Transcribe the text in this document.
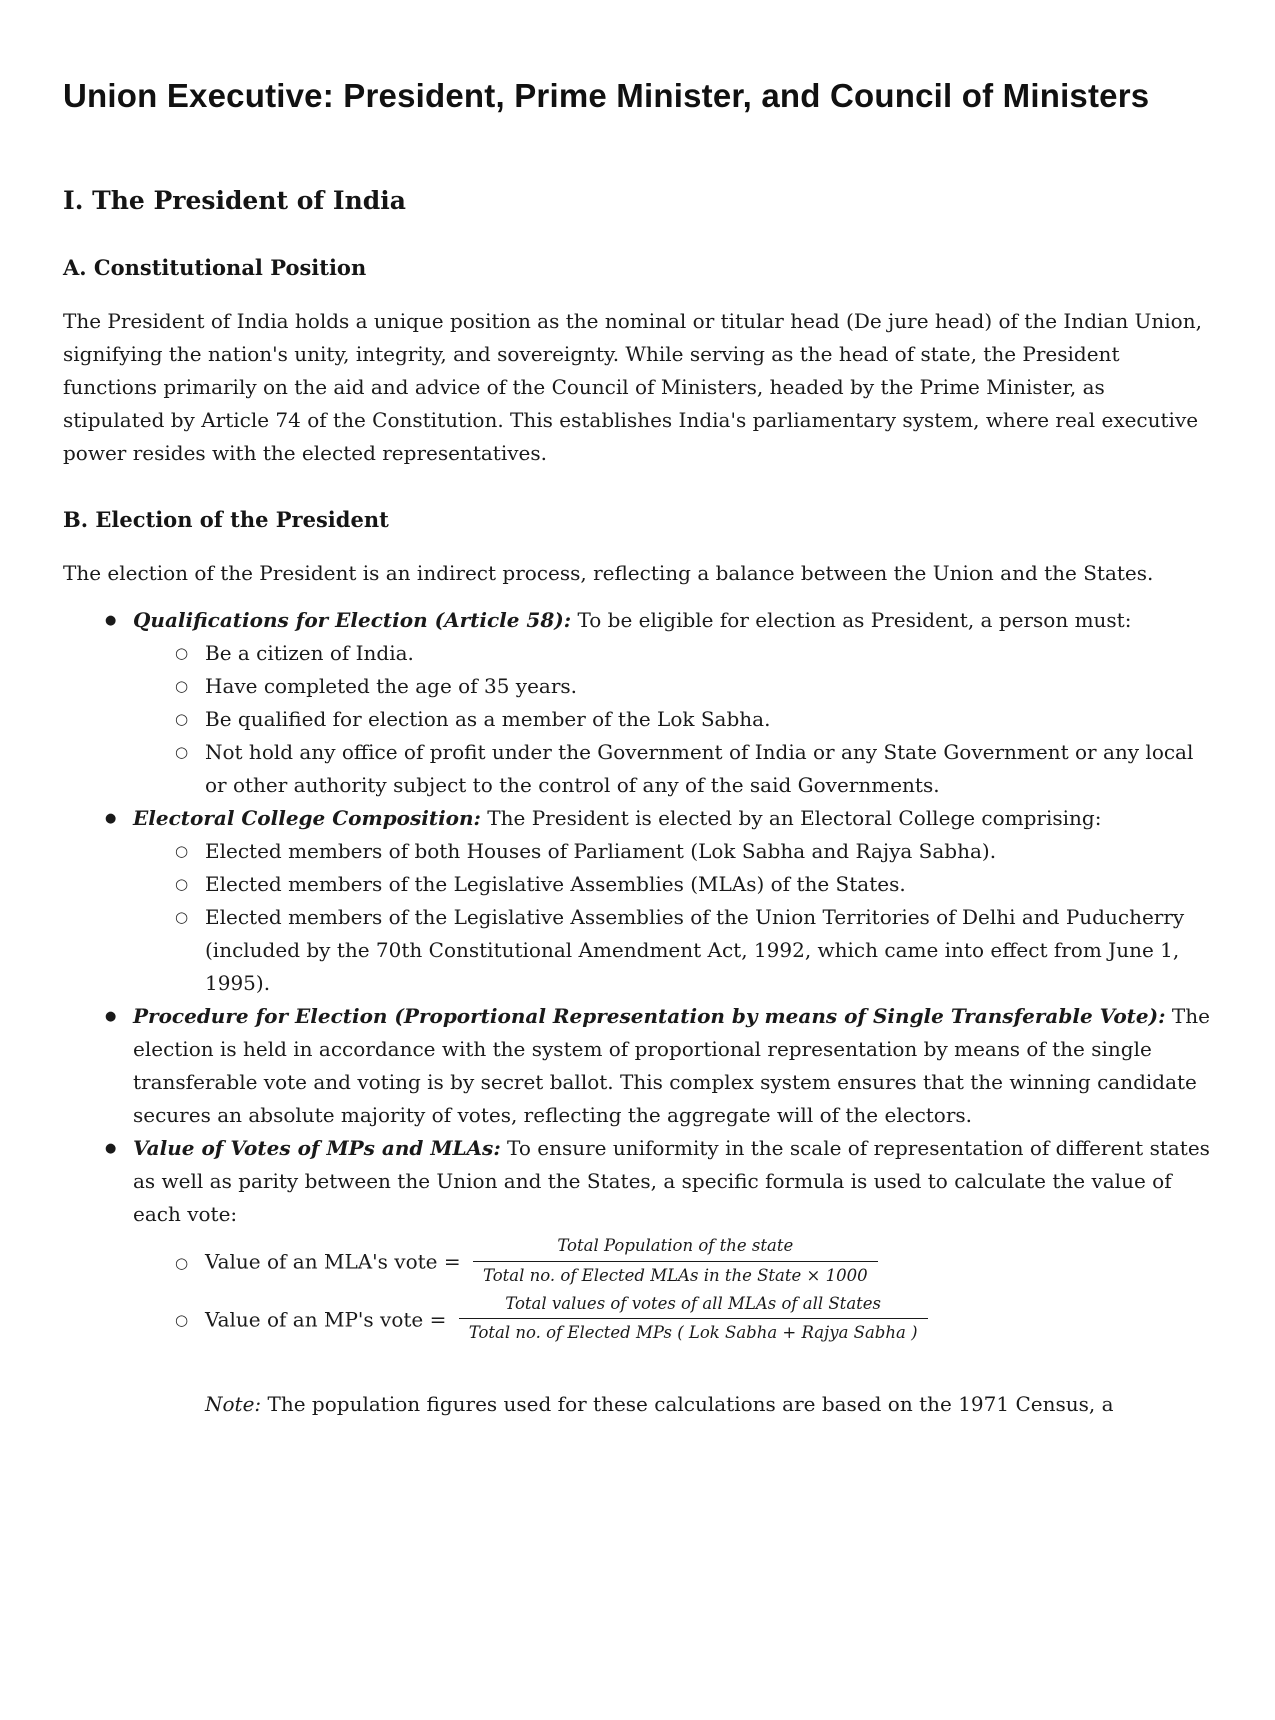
Union Executive: President, Prime Minister, and Council of Ministers
I. The President of India
A. Constitutional Position

The President of India holds a unique position as the nominal or titular head (De jure head) of the Indian Union, signifying the nation's unity, integrity, and sovereignty. While serving as the head of state, the President functions primarily on the aid and advice of the Council of Ministers, headed by the Prime Minister, as stipulated by Article 74 of the Constitution. This establishes India's parliamentary system, where real executive power resides with the elected representatives.

B. Election of the President

The election of the President is an indirect process, reflecting a balance between the Union and the States.

● Qualifications for Election (Article 58): To be eligible for election as President, a person must:
○ Be a citizen of India.
○ Have completed the age of 35 years.
○ Be qualified for election as a member of the Lok Sabha.
○ Not hold any office of profit under the Government of India or any State Government or any local or other authority subject to the control of any of the said Governments.
● Electoral College Composition: The President is elected by an Electoral College comprising:
○ Elected members of both Houses of Parliament (Lok Sabha and Rajya Sabha).
○ Elected members of the Legislative Assemblies (MLAs) of the States.
○ Elected members of the Legislative Assemblies of the Union Territories of Delhi and Puducherry (included by the 70th Constitutional Amendment Act, 1992, which came into effect from June 1, 1995).
● Procedure for Election (Proportional Representation by means of Single Transferable Vote): The election is held in accordance with the system of proportional representation by means of the single transferable vote and voting is by secret ballot. This complex system ensures that the winning candidate secures an absolute majority of votes, reflecting the aggregate will of the electors.
● Value of Votes of MPs and MLAs: To ensure uniformity in the scale of representation of different states as well as parity between the Union and the States, a specific formula is used to calculate the value of each vote:
○ Value of an MLA's vote = $\frac{\text{Total Population of the state}}{\text{Total no. of Elected MLAs in the State × 1000}}$
○ Value of an MP's vote = $\frac{\text{Total values of votes of all MLAs of all States}}{\text{Total no. of Elected MPs ( Lok Sabha + Rajya Sabha )}}$

Note: The population figures used for these calculations are based on the 1971 Census, a
